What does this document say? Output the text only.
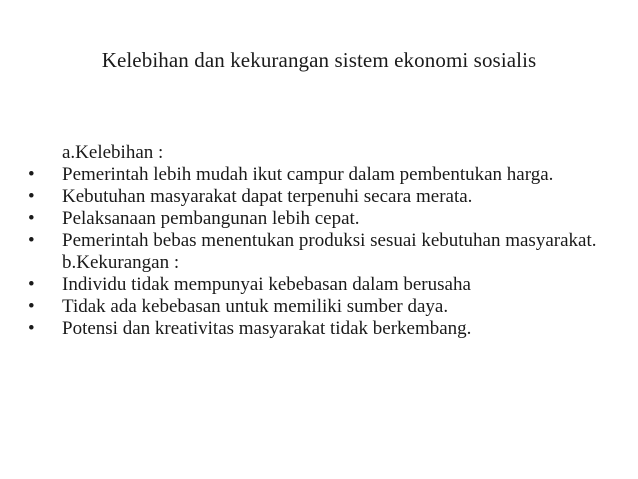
Kelebihan dan kekurangan sistem ekonomi sosialis
a.Kelebihan :
•	Pemerintah lebih mudah ikut campur dalam pembentukan harga.
•	Kebutuhan masyarakat dapat terpenuhi secara merata.
•	Pelaksanaan pembangunan lebih cepat.
•	Pemerintah bebas menentukan produksi sesuai kebutuhan masyarakat.
b.Kekurangan :
•	Individu tidak mempunyai kebebasan dalam berusaha
•	Tidak ada kebebasan untuk memiliki sumber daya.
•	Potensi dan kreativitas masyarakat tidak berkembang.
